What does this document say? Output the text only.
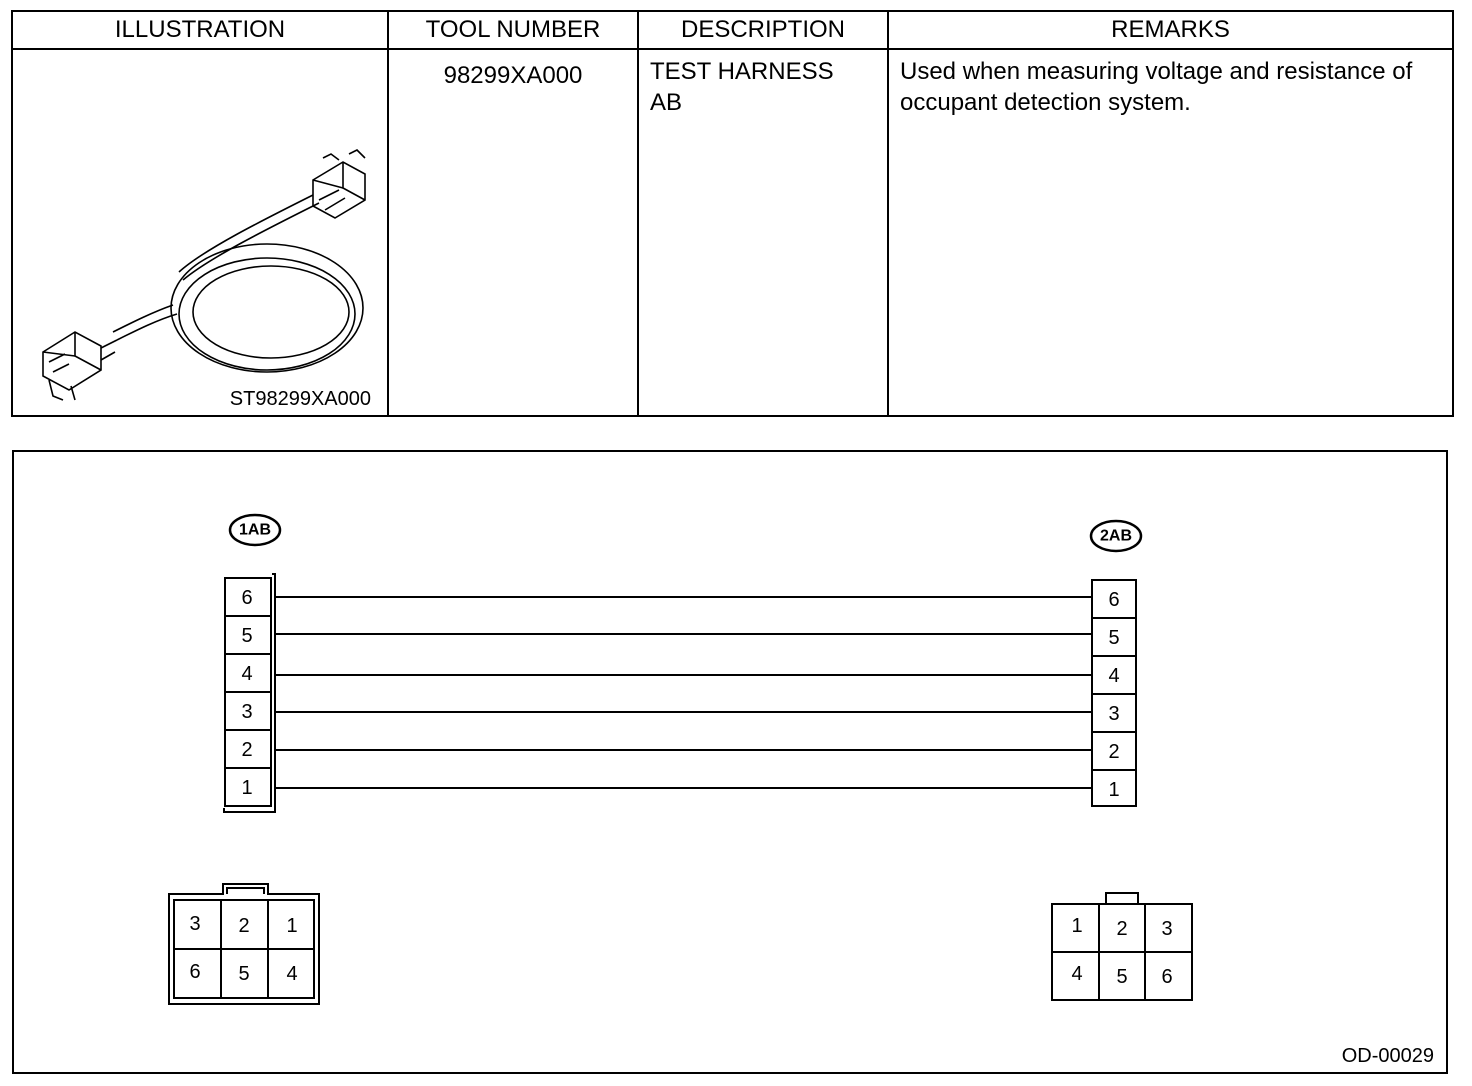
ILLUSTRATION	TOOL NUMBER	DESCRIPTION	REMARKS

ST98299XA000	98299XA000	TEST HARNESS
AB	Used when measuring voltage and resistance of occupant detection system.
1AB	2AB
6
5
4
3
2
1
6
5
4
3
2
1
3 2 1
6 5 4
1 2 3
4 5 6
OD-00029
